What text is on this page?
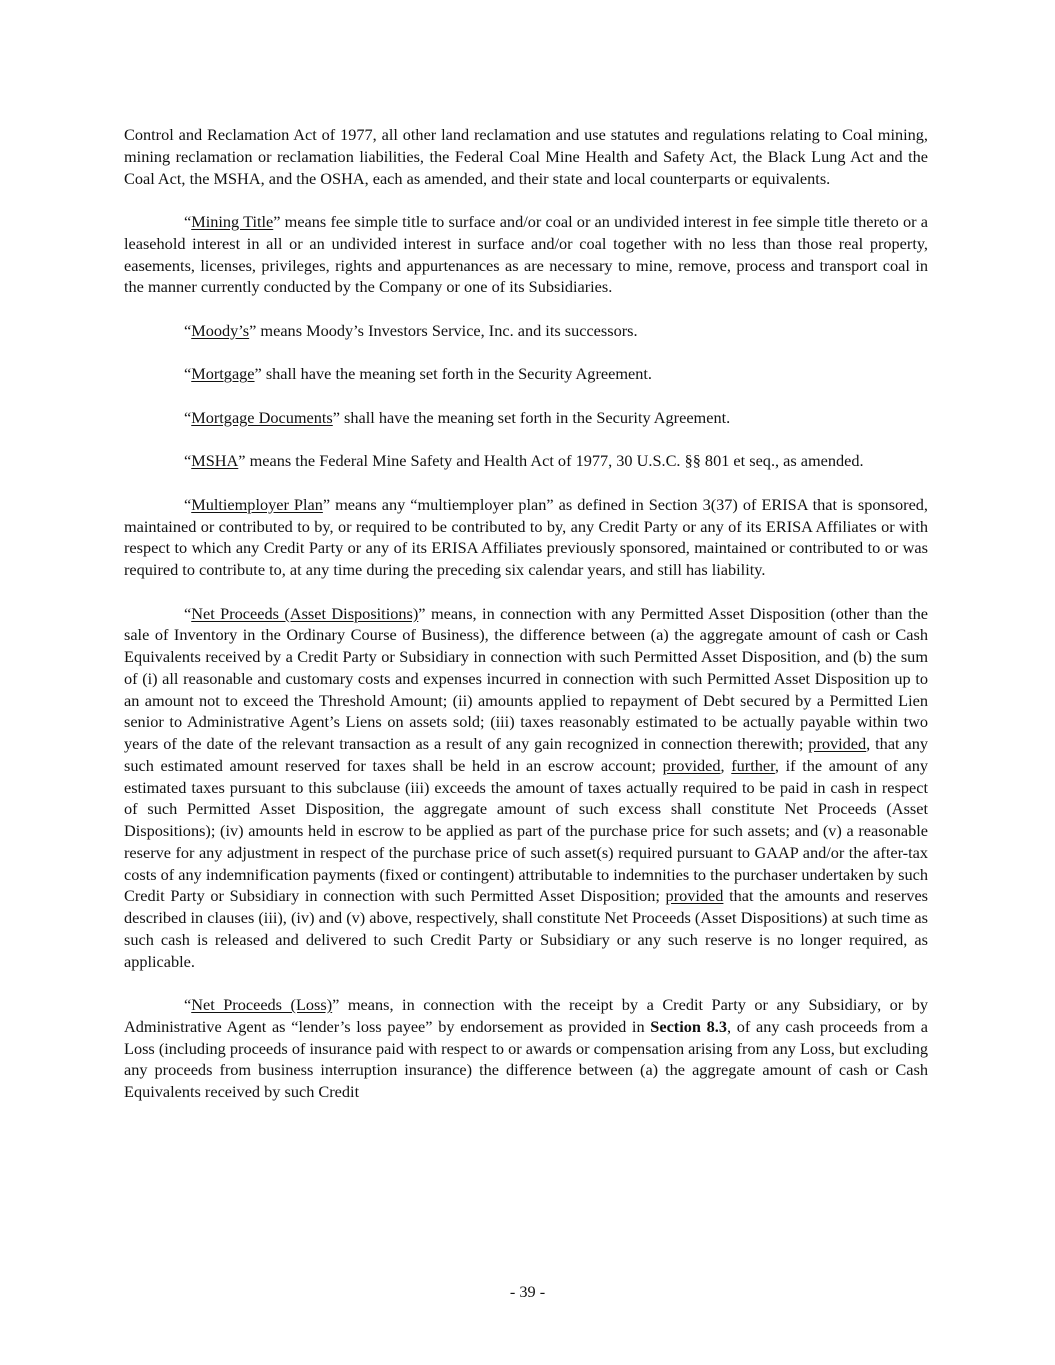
Control and Reclamation Act of 1977, all other land reclamation and use statutes and regulations relating to Coal mining, mining reclamation or reclamation liabilities, the Federal Coal Mine Health and Safety Act, the Black Lung Act and the Coal Act, the MSHA, and the OSHA, each as amended, and their state and local counterparts or equivalents.

“Mining Title” means fee simple title to surface and/or coal or an undivided interest in fee simple title thereto or a leasehold interest in all or an undivided interest in surface and/or coal together with no less than those real property, easements, licenses, privileges, rights and appurtenances as are necessary to mine, remove, process and transport coal in the manner currently conducted by the Company or one of its Subsidiaries.

“Moody’s” means Moody’s Investors Service, Inc. and its successors.

“Mortgage” shall have the meaning set forth in the Security Agreement.

“Mortgage Documents” shall have the meaning set forth in the Security Agreement.

“MSHA” means the Federal Mine Safety and Health Act of 1977, 30 U.S.C. §§ 801 et seq., as amended.

“Multiemployer Plan” means any “multiemployer plan” as defined in Section 3(37) of ERISA that is sponsored, maintained or contributed to by, or required to be contributed to by, any Credit Party or any of its ERISA Affiliates or with respect to which any Credit Party or any of its ERISA Affiliates previously sponsored, maintained or contributed to or was required to contribute to, at any time during the preceding six calendar years, and still has liability.

“Net Proceeds (Asset Dispositions)” means, in connection with any Permitted Asset Disposition (other than the sale of Inventory in the Ordinary Course of Business), the difference between (a) the aggregate amount of cash or Cash Equivalents received by a Credit Party or Subsidiary in connection with such Permitted Asset Disposition, and (b) the sum of (i) all reasonable and customary costs and expenses incurred in connection with such Permitted Asset Disposition up to an amount not to exceed the Threshold Amount; (ii) amounts applied to repayment of Debt secured by a Permitted Lien senior to Administrative Agent’s Liens on assets sold; (iii) taxes reasonably estimated to be actually payable within two years of the date of the relevant transaction as a result of any gain recognized in connection therewith; provided, that any such estimated amount reserved for taxes shall be held in an escrow account; provided, further, if the amount of any estimated taxes pursuant to this subclause (iii) exceeds the amount of taxes actually required to be paid in cash in respect of such Permitted Asset Disposition, the aggregate amount of such excess shall constitute Net Proceeds (Asset Dispositions); (iv) amounts held in escrow to be applied as part of the purchase price for such assets; and (v) a reasonable reserve for any adjustment in respect of the purchase price of such asset(s) required pursuant to GAAP and/or the after-tax costs of any indemnification payments (fixed or contingent) attributable to indemnities to the purchaser undertaken by such Credit Party or Subsidiary in connection with such Permitted Asset Disposition; provided that the amounts and reserves described in clauses (iii), (iv) and (v) above, respectively, shall constitute Net Proceeds (Asset Dispositions) at such time as such cash is released and delivered to such Credit Party or Subsidiary or any such reserve is no longer required, as applicable.

“Net Proceeds (Loss)” means, in connection with the receipt by a Credit Party or any Subsidiary, or by Administrative Agent as “lender’s loss payee” by endorsement as provided in Section 8.3, of any cash proceeds from a Loss (including proceeds of insurance paid with respect to or awards or compensation arising from any Loss, but excluding any proceeds from business interruption insurance) the difference between (a) the aggregate amount of cash or Cash Equivalents received by such Credit

- 39 -
